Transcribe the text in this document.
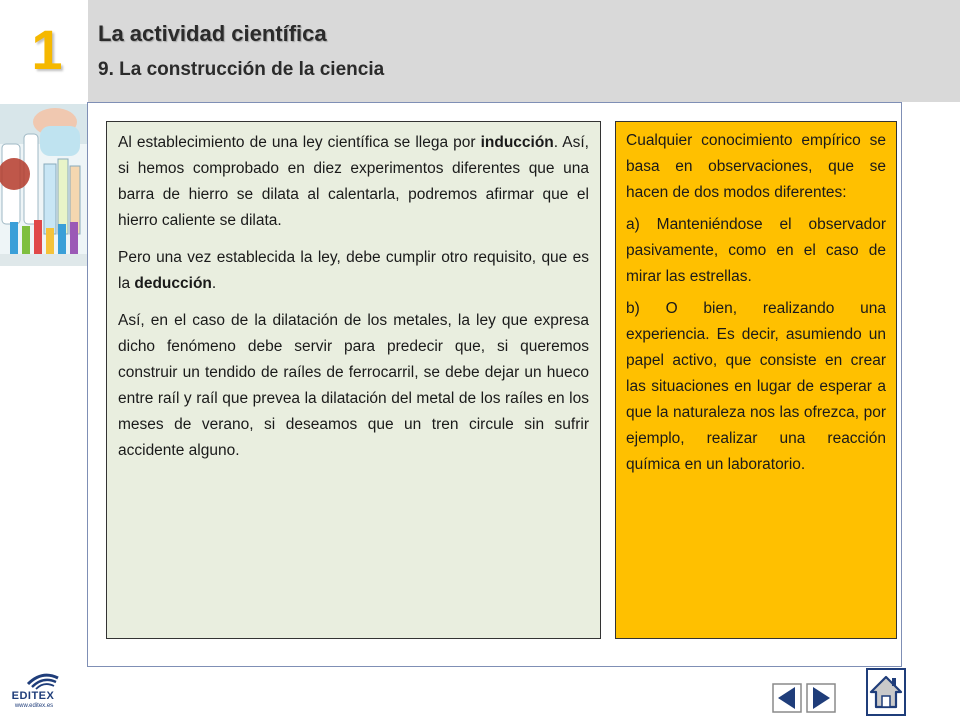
1	La actividad científica
9. La construcción de la ciencia

Al establecimiento de una ley científica se llega por inducción. Así, si hemos comprobado en diez experimentos diferentes que una barra de hierro se dilata al calentarla, podremos afirmar que el hierro caliente se dilata.

Pero una vez establecida la ley, debe cumplir otro requisito, que es la deducción.

Así, en el caso de la dilatación de los metales, la ley que expresa dicho fenómeno debe servir para predecir que, si queremos construir un tendido de raíles de ferrocarril, se debe dejar un hueco entre raíl y raíl que prevea la dilatación del metal de los raíles en los meses de verano, si deseamos que un tren circule sin sufrir accidente alguno.

Cualquier conocimiento empírico se basa en observaciones, que se hacen de dos modos diferentes:

a) Manteniéndose el observador pasivamente, como en el caso de mirar las estrellas.

b) O bien, realizando una experiencia. Es decir, asumiendo un papel activo, que consiste en crear las situaciones en lugar de esperar a que la naturaleza nos las ofrezca, por ejemplo, realizar una reacción química en un laboratorio.

EDITEX
www.editex.es
